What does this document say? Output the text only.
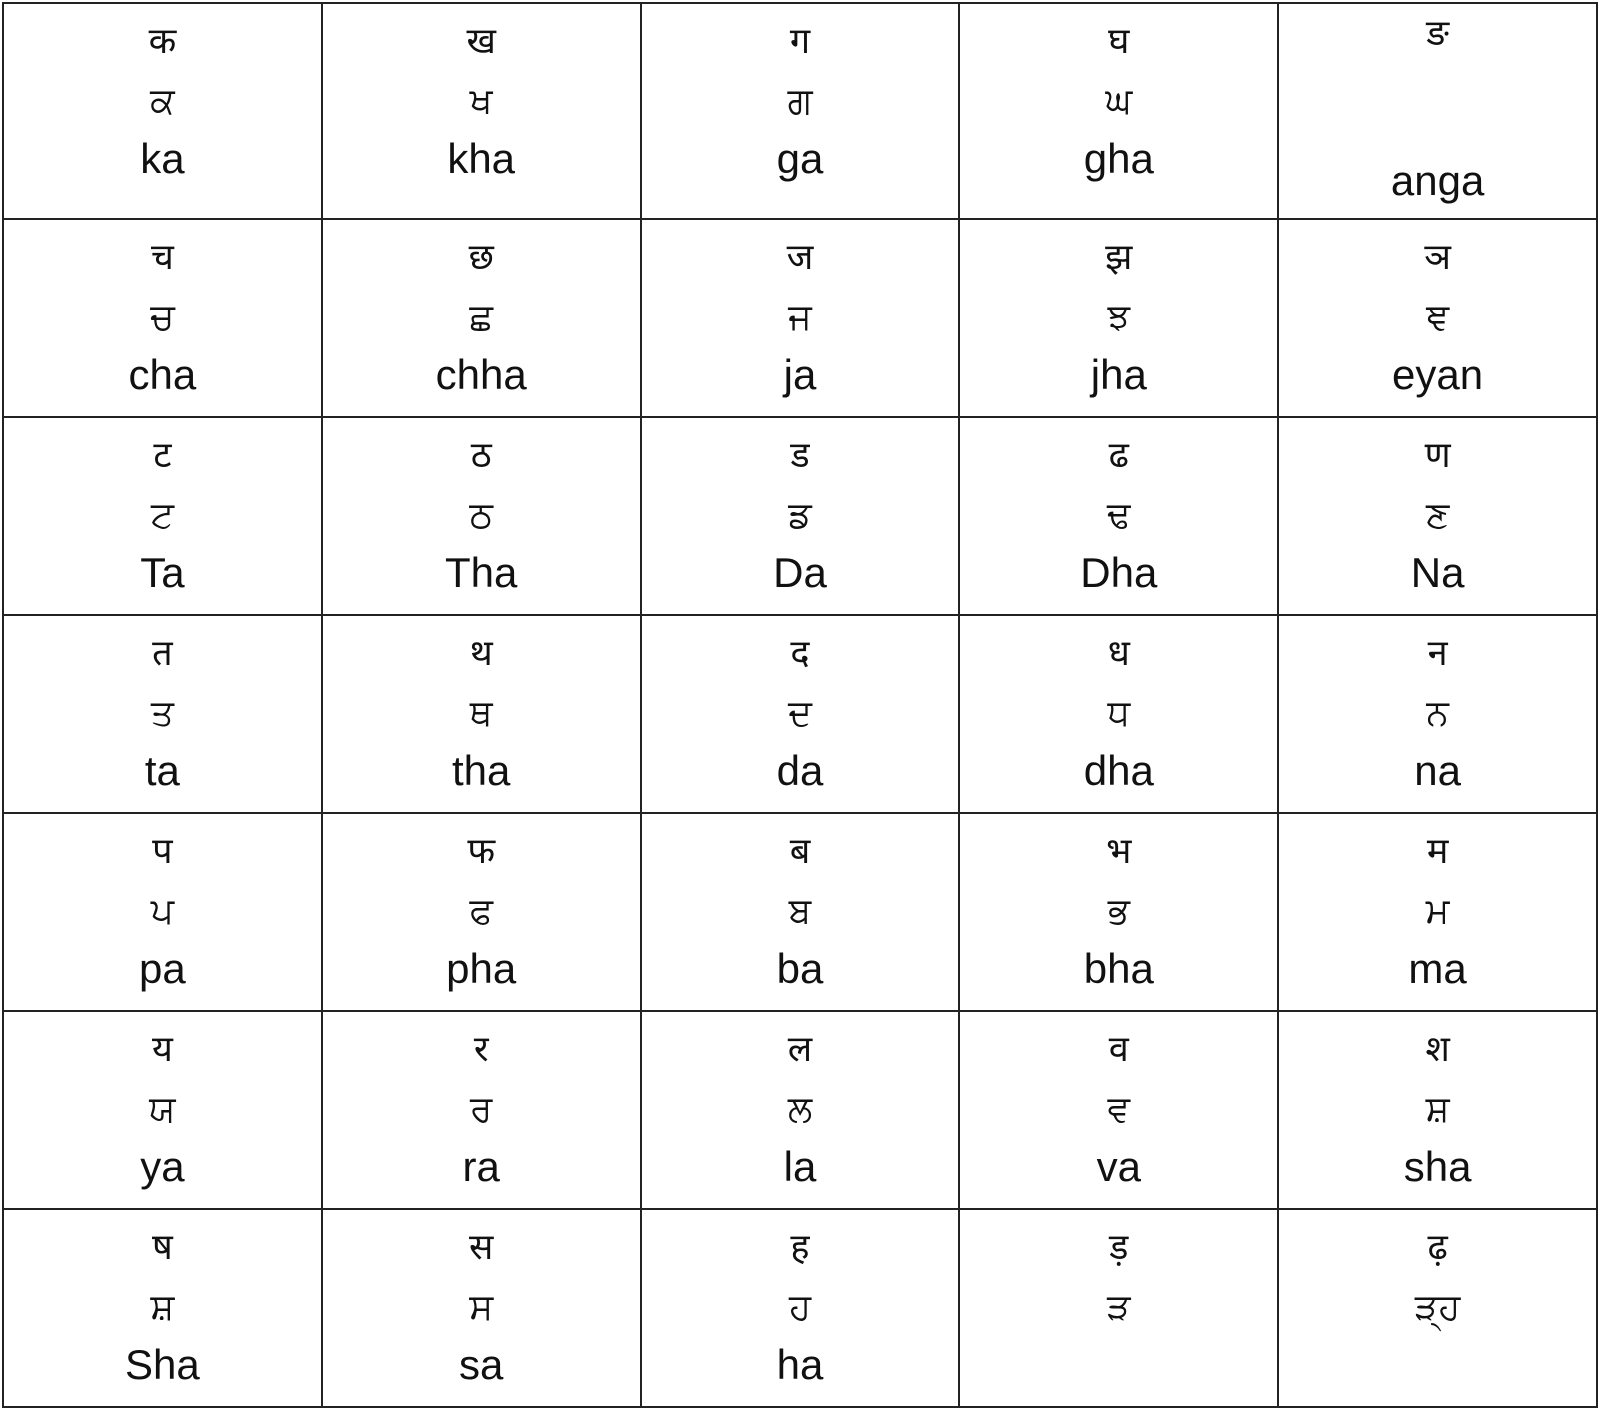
क
ਕ
ka	ख
ਖ
kha	ग
ਗ
ga	घ
ਘ
gha	ङ
anga

च
ਚ
cha	छ
ਛ
chha	ज
ਜ
ja	झ
ਝ
jha	ञ
ਞ
eyan

ट
ਟ
Ta	ठ
ਠ
Tha	ड
ਡ
Da	ढ
ਢ
Dha	ण
ਣ
Na

त
ਤ
ta	थ
ਥ
tha	द
ਦ
da	ध
ਧ
dha	न
ਨ
na

प
ਪ
pa	फ
ਫ
pha	ब
ਬ
ba	भ
ਭ
bha	म
ਮ
ma

य
ਯ
ya	र
ਰ
ra	ल
ਲ
la	व
ਵ
va	श
ਸ਼
sha

ष
ਸ਼
Sha	स
ਸ
sa	ह
ਹ
ha	ड़
ੜ	ढ़
ੜ੍ਹ
